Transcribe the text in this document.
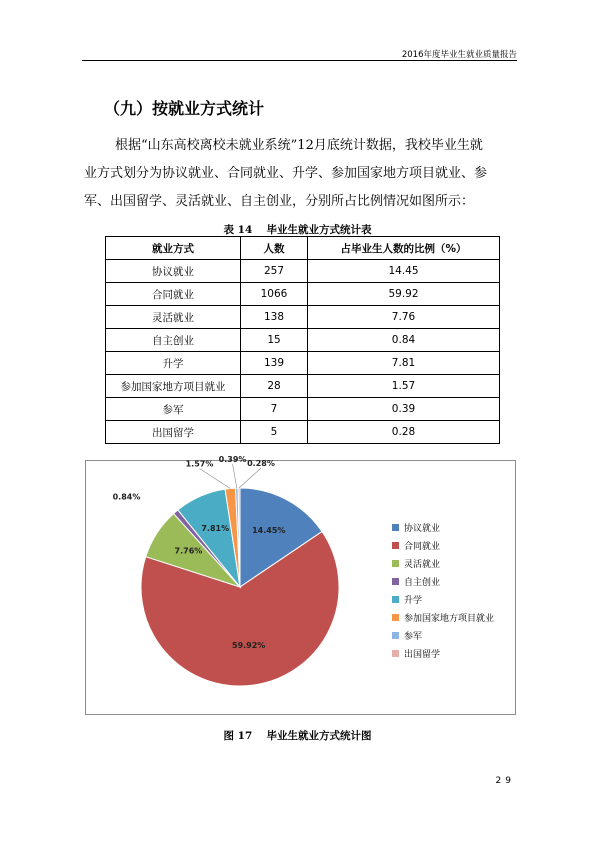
2016年度毕业生就业质量报告
（九）按就业方式统计
根据“山东高校离校未就业系统”12月底统计数据，我校毕业生就
业方式划分为协议就业、合同就业、升学、参加国家地方项目就业、参
军、出国留学、灵活就业、自主创业，分别所占比例情况如图所示：
表 14　 毕业生就业方式统计表
就业方式	人数	占毕业生人数的比例（%）
协议就业	257	14.45
合同就业	1066	59.92
灵活就业	138	7.76
自主创业	15	0.84
升学	139	7.81
参加国家地方项目就业	28	1.57
参军	7	0.39
出国留学	5	0.28
14.45%
59.92%
7.76%
0.84%
7.81%
1.57% 0.39% 0.28%
协议就业
合同就业
灵活就业
自主创业
升学
参加国家地方项目就业
参军
出国留学
图 17　 毕业生就业方式统计图
29
